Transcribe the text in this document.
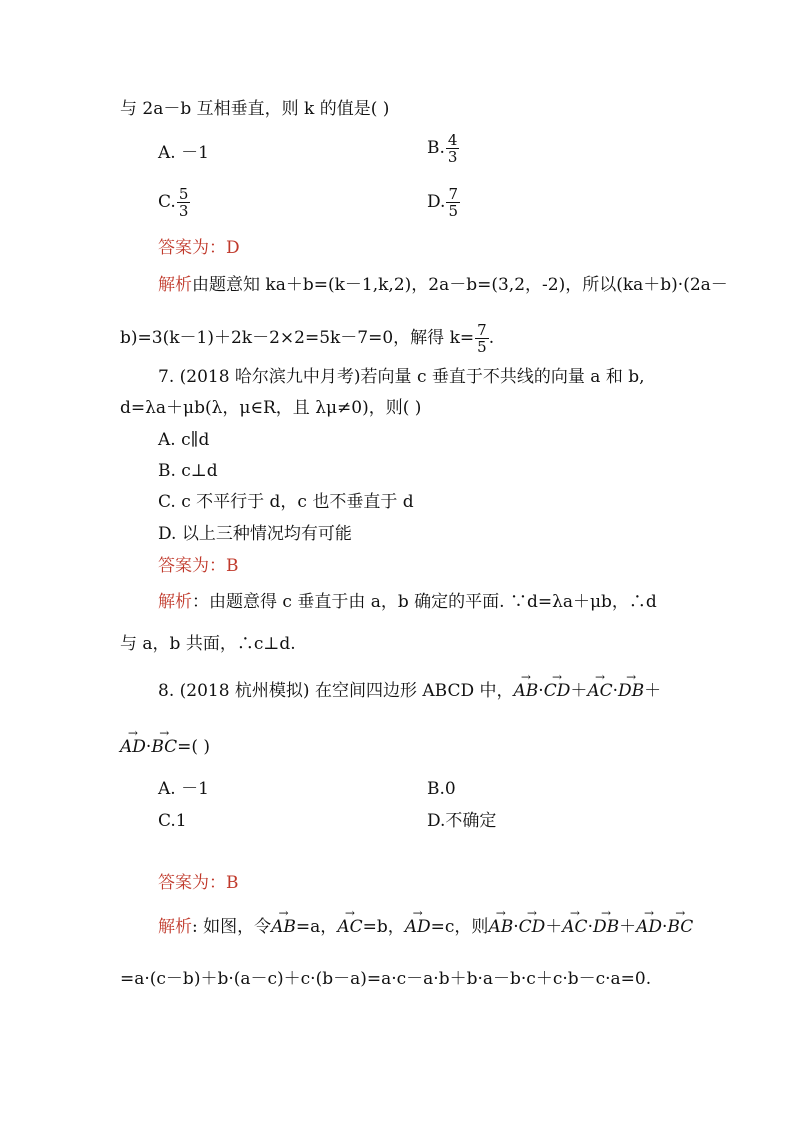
与 2a－b 互相垂直，则 k 的值是( )
A. －1	B. $\frac{4}{3}$
C. $\frac{5}{3}$	D. $\frac{7}{5}$
答案为：D
解析由题意知 ka＋b=(k－1,k,2)，2a－b=(3,2，-2)，所以(ka＋b)·(2a－
b)=3(k－1)＋2k－2×2=5k－7=0，解得 $k= \frac{7}{5}$ .
7. (2018 哈尔滨九中月考)若向量 c 垂直于不共线的向量 a 和 b,
d=λa＋μb(λ，μ∈R，且 λμ≠0)，则( )
A. c∥d
B. c⊥d
C. c 不平行于 d，c 也不垂直于 d
D. 以上三种情况均有可能
答案为：B
解析：由题意得 c 垂直于由 a，b 确定的平面. ∵d=λa＋μb，∴d
与 a，b 共面，∴c⊥d.
8. (2018 杭州模拟) 在空间四边形 ABCD 中，→ AB·→ CD＋→ AC·→ DB＋
→ AD·→ BC=( )
A. －1	B.0
C.1	D.不确定
答案为：B
解析: 如图，令→ AB=a，→ AC=b，→ AD=c，则→ AB·→ CD＋→ AC·→ DB＋→ AD·→ BC
=a·(c－b)＋b·(a－c)＋c·(b－a)=a·c－a·b＋b·a－b·c＋c·b－c·a=0.
